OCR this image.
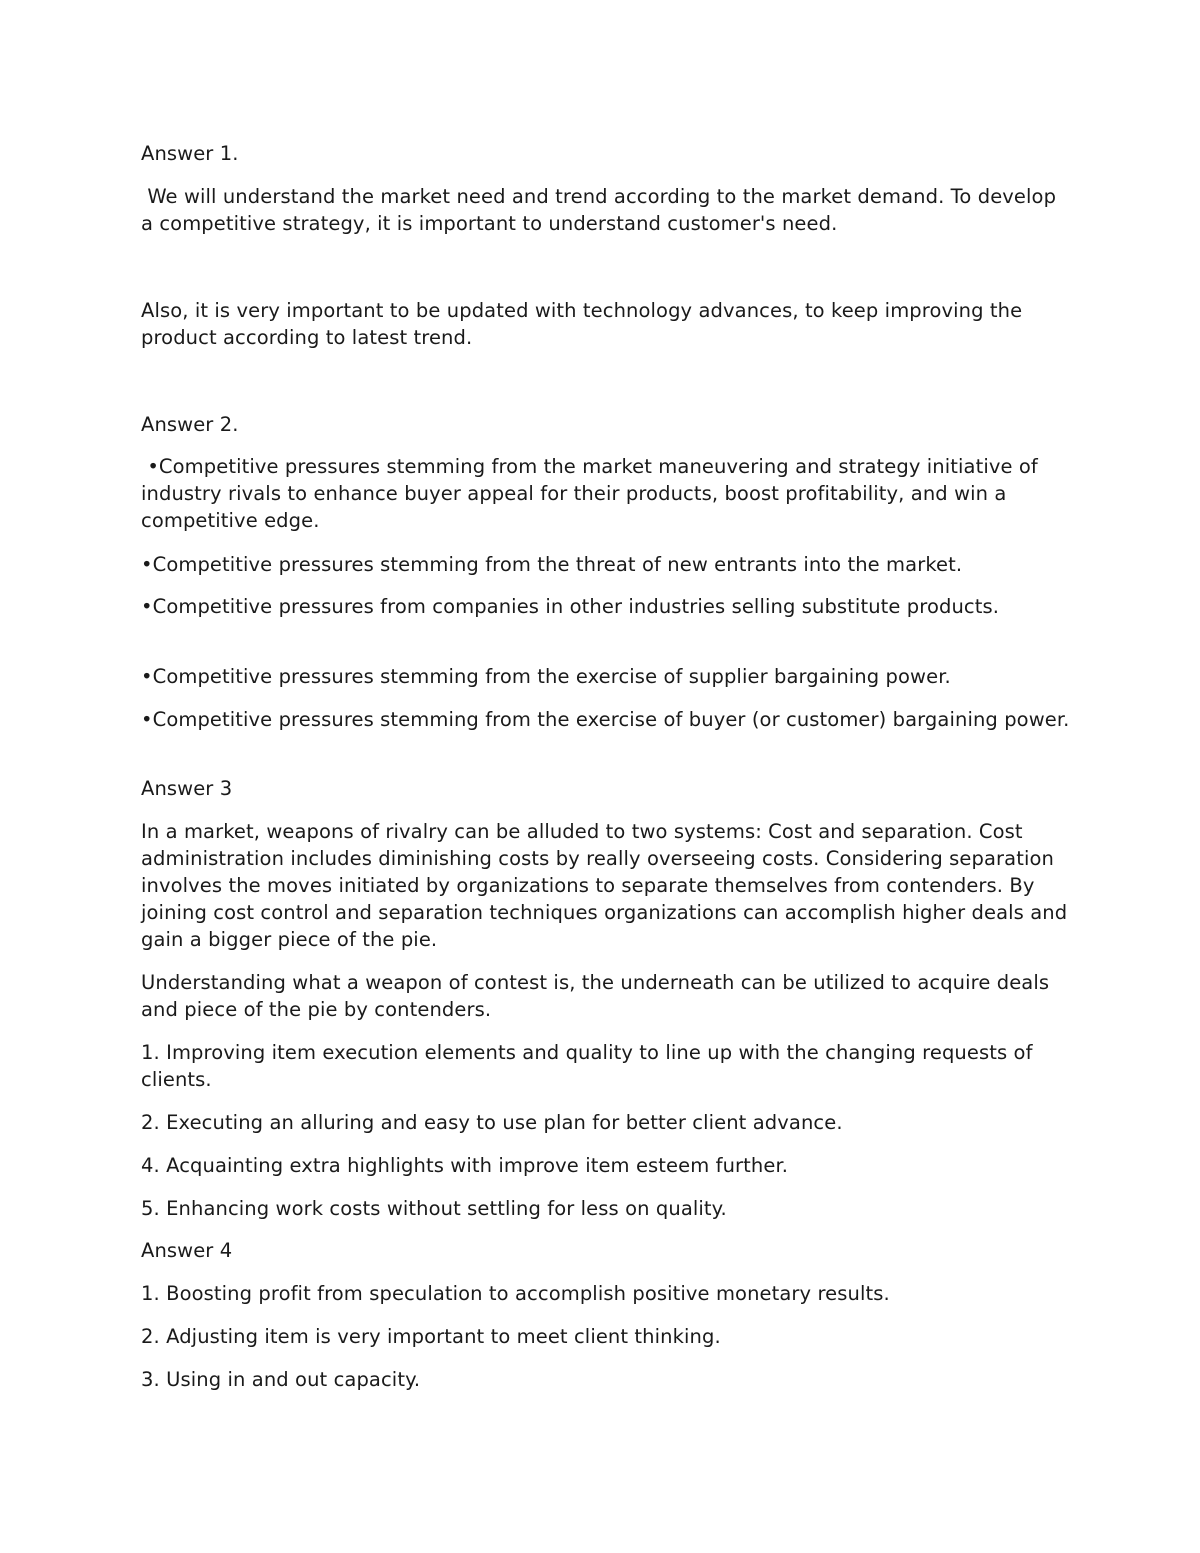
Answer 1.

We will understand the market need and trend according to the market demand. To develop a competitive strategy, it is important to understand customer's need.

Also, it is very important to be updated with technology advances, to keep improving the product according to latest trend.

Answer 2.

•Competitive pressures stemming from the market maneuvering and strategy initiative of industry rivals to enhance buyer appeal for their products, boost profitability, and win a competitive edge.

•Competitive pressures stemming from the threat of new entrants into the market.

•Competitive pressures from companies in other industries selling substitute products.

•Competitive pressures stemming from the exercise of supplier bargaining power.

•Competitive pressures stemming from the exercise of buyer (or customer) bargaining power.

Answer 3

In a market, weapons of rivalry can be alluded to two systems: Cost and separation. Cost administration includes diminishing costs by really overseeing costs. Considering separation involves the moves initiated by organizations to separate themselves from contenders. By joining cost control and separation techniques organizations can accomplish higher deals and gain a bigger piece of the pie.

Understanding what a weapon of contest is, the underneath can be utilized to acquire deals and piece of the pie by contenders.

1. Improving item execution elements and quality to line up with the changing requests of clients.

2. Executing an alluring and easy to use plan for better client advance.

4. Acquainting extra highlights with improve item esteem further.

5. Enhancing work costs without settling for less on quality.

Answer 4

1. Boosting profit from speculation to accomplish positive monetary results.

2. Adjusting item is very important to meet client thinking.

3. Using in and out capacity.
